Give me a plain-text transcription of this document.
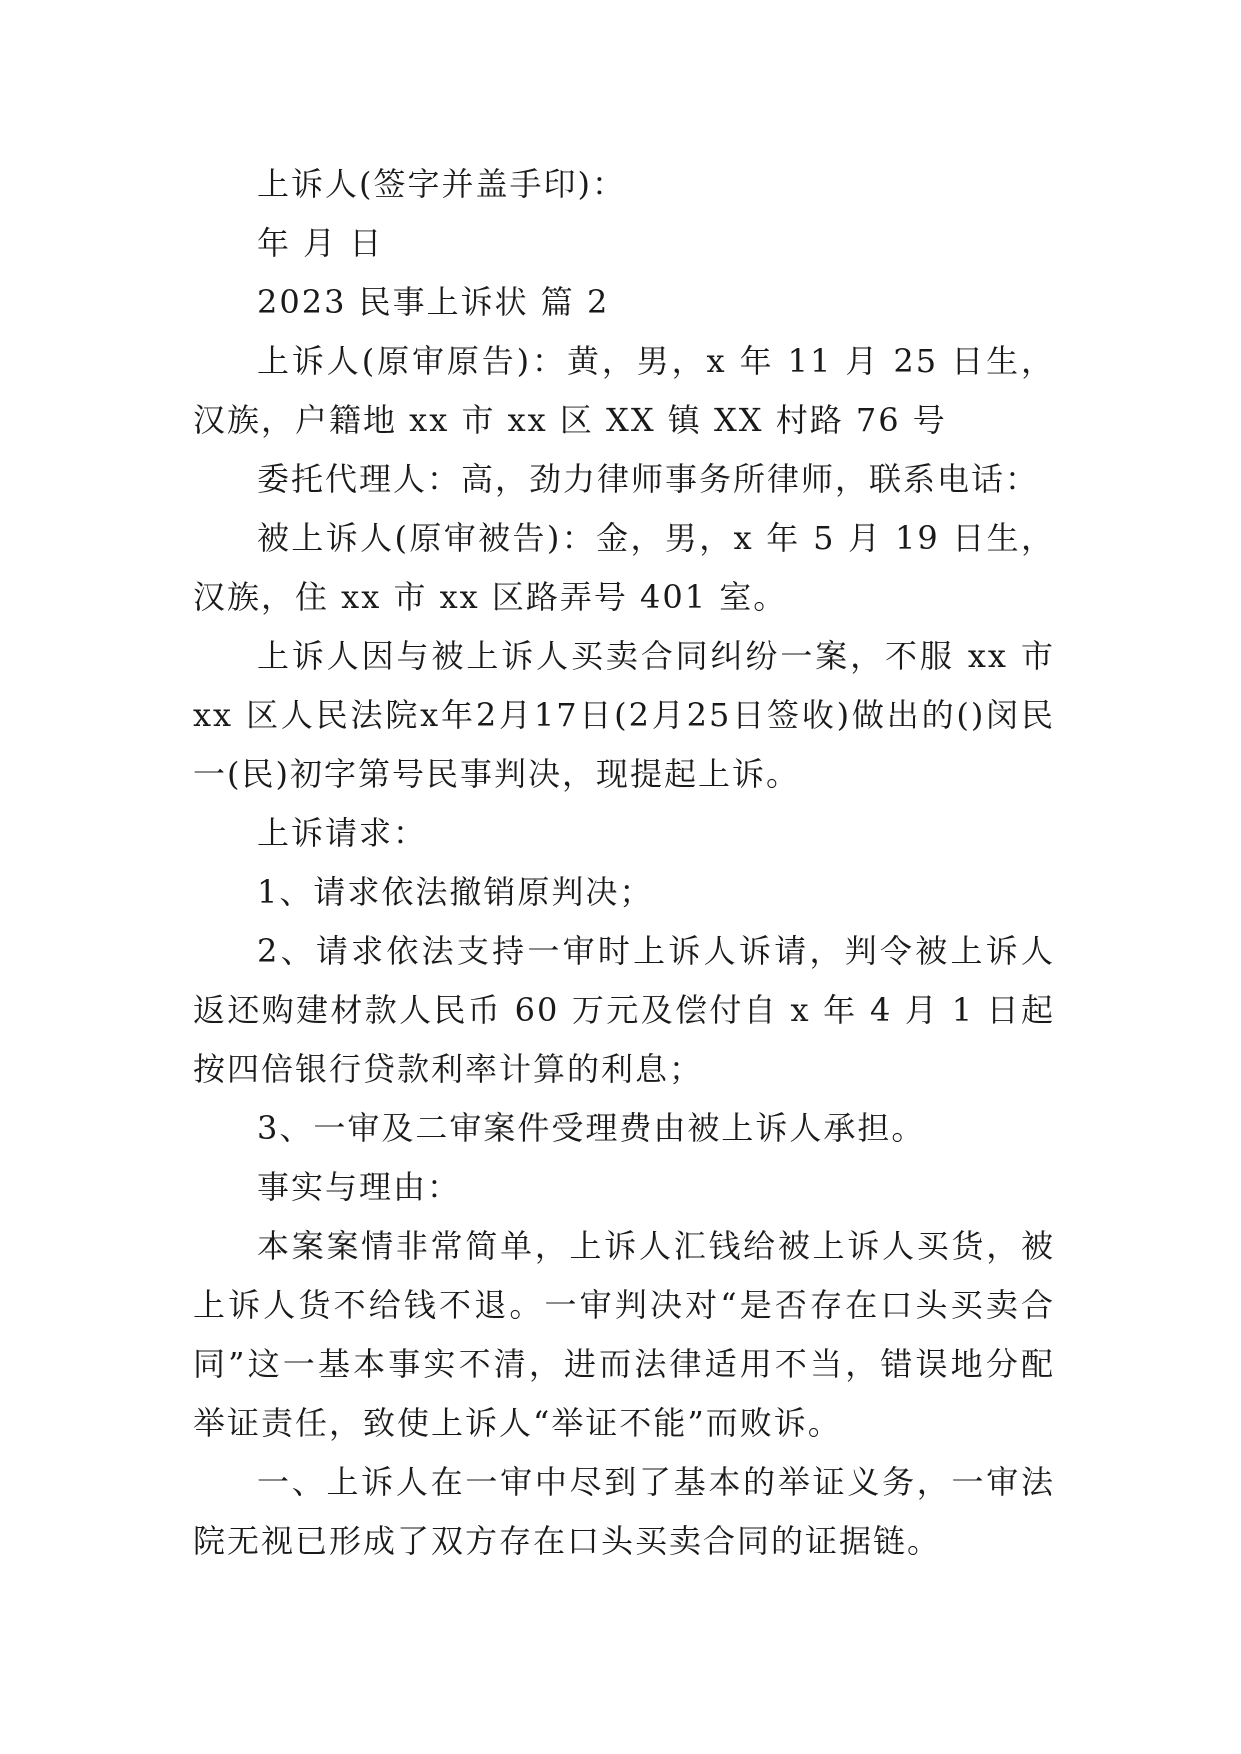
上诉人(签字并盖手印)：

年 月 日

2023 民事上诉状 篇 2

上诉人(原审原告)：黄，男，x 年 11 月 25 日生，汉族，户籍地 xx 市 xx 区 XX 镇 XX 村路 76 号

委托代理人：高，劲力律师事务所律师，联系电话：

被上诉人(原审被告)：金，男，x 年 5 月 19 日生，汉族，住 xx 市 xx 区路弄号 401 室。

上诉人因与被上诉人买卖合同纠纷一案，不服 xx 市 xx 区人民法院x年2月17日(2月25日签收)做出的()闵民一(民)初字第号民事判决，现提起上诉。

上诉请求：

1、请求依法撤销原判决；

2、请求依法支持一审时上诉人诉请，判令被上诉人返还购建材款人民币 60 万元及偿付自 x 年 4 月 1 日起按四倍银行贷款利率计算的利息；

3、一审及二审案件受理费由被上诉人承担。

事实与理由：

本案案情非常简单，上诉人汇钱给被上诉人买货，被上诉人货不给钱不退。一审判决对“是否存在口头买卖合同”这一基本事实不清，进而法律适用不当，错误地分配举证责任，致使上诉人“举证不能”而败诉。

一、上诉人在一审中尽到了基本的举证义务，一审法院无视已形成了双方存在口头买卖合同的证据链。
